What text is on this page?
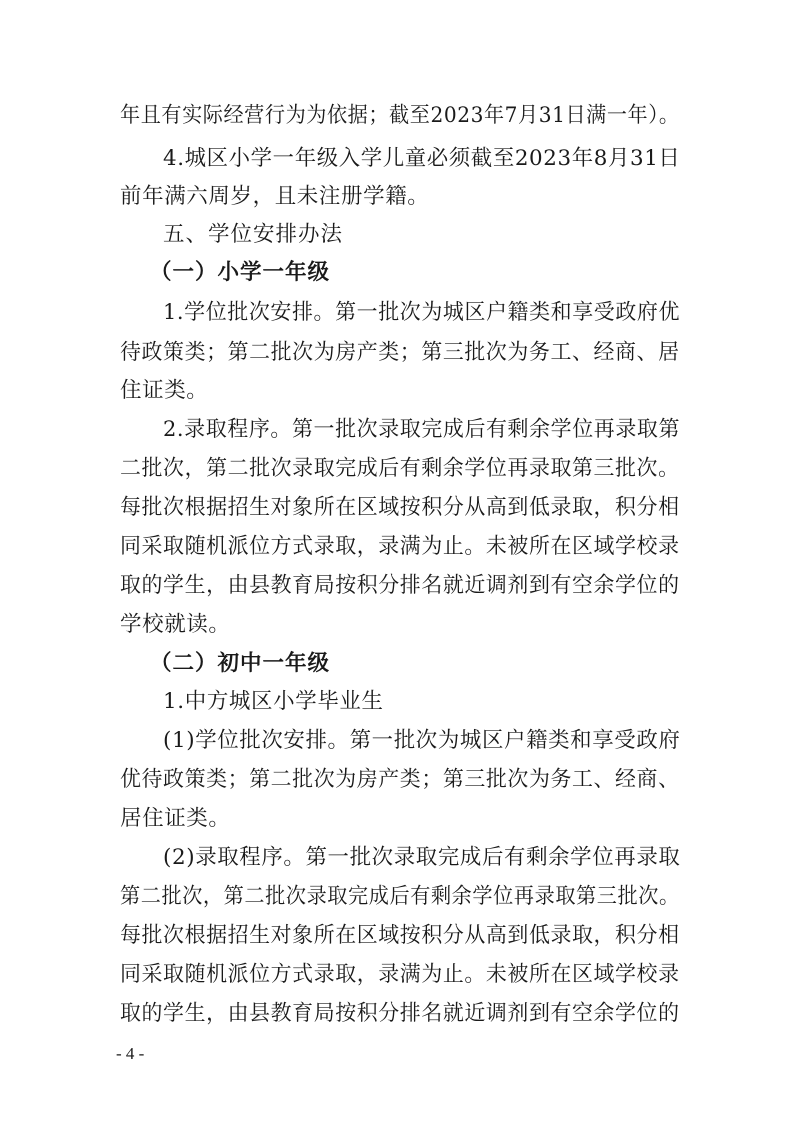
年且有实际经营行为为依据；截至2023年7月31日满一年）。
4.城区小学一年级入学儿童必须截至2023年8月31日
前年满六周岁，且未注册学籍。
五、学位安排办法
（一）小学一年级
1.学位批次安排。第一批次为城区户籍类和享受政府优
待政策类；第二批次为房产类；第三批次为务工、经商、居
住证类。
2.录取程序。第一批次录取完成后有剩余学位再录取第
二批次，第二批次录取完成后有剩余学位再录取第三批次。
每批次根据招生对象所在区域按积分从高到低录取，积分相
同采取随机派位方式录取，录满为止。未被所在区域学校录
取的学生，由县教育局按积分排名就近调剂到有空余学位的
学校就读。
（二）初中一年级
1.中方城区小学毕业生
(1)学位批次安排。第一批次为城区户籍类和享受政府
优待政策类；第二批次为房产类；第三批次为务工、经商、
居住证类。
(2)录取程序。第一批次录取完成后有剩余学位再录取
第二批次，第二批次录取完成后有剩余学位再录取第三批次。
每批次根据招生对象所在区域按积分从高到低录取，积分相
同采取随机派位方式录取，录满为止。未被所在区域学校录
取的学生，由县教育局按积分排名就近调剂到有空余学位的
- 4 -
